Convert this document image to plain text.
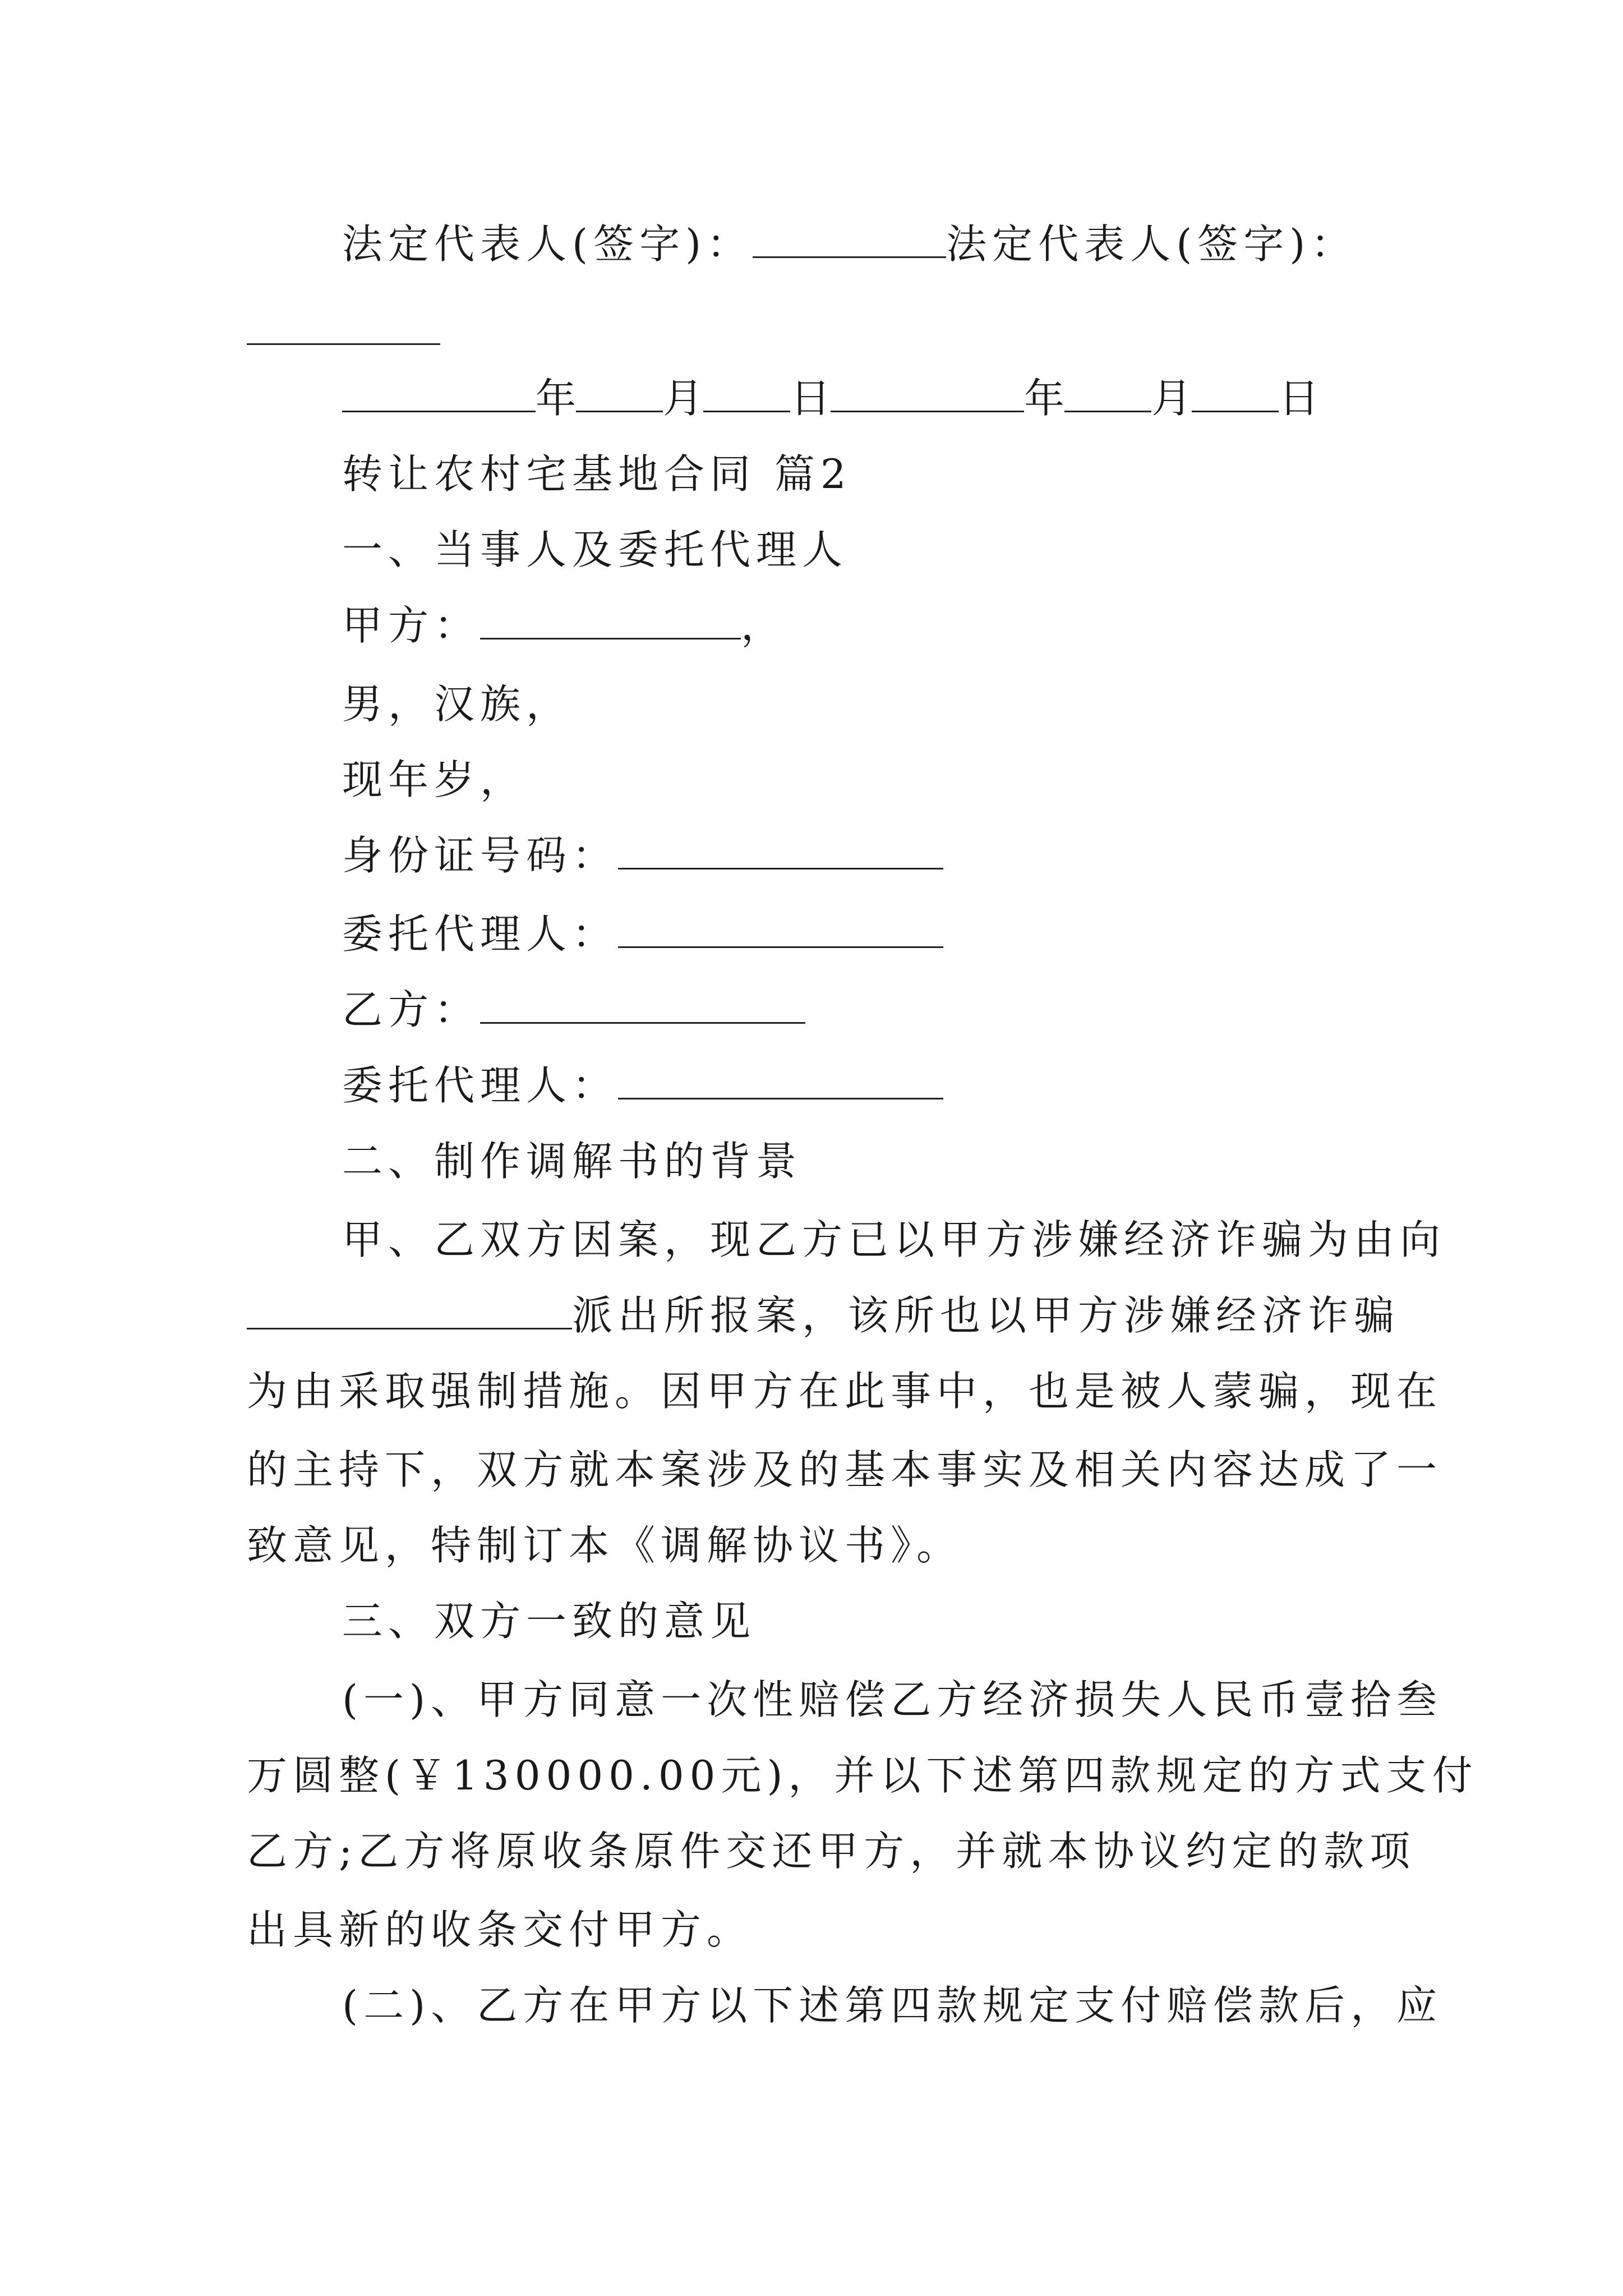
法定代表人(签字)：	法定代表人(签字)：
年 月 日	年 月 日
转让农村宅基地合同 篇2
一、当事人及委托代理人
甲方：	，
男，汉族，
现年岁，
身份证号码：
委托代理人：
乙方：
委托代理人：
二、制作调解书的背景
甲、乙双方因案，现乙方已以甲方涉嫌经济诈骗为由向
派出所报案，该所也以甲方涉嫌经济诈骗
为由采取强制措施。因甲方在此事中，也是被人蒙骗，现在
的主持下，双方就本案涉及的基本事实及相关内容达成了一
致意见，特制订本《调解协议书》。
三、双方一致的意见
(一)、甲方同意一次性赔偿乙方经济损失人民币壹拾叁
万圆整(￥130000.00元)，并以下述第四款规定的方式支付
乙方;乙方将原收条原件交还甲方，并就本协议约定的款项
出具新的收条交付甲方。
(二)、乙方在甲方以下述第四款规定支付赔偿款后，应
